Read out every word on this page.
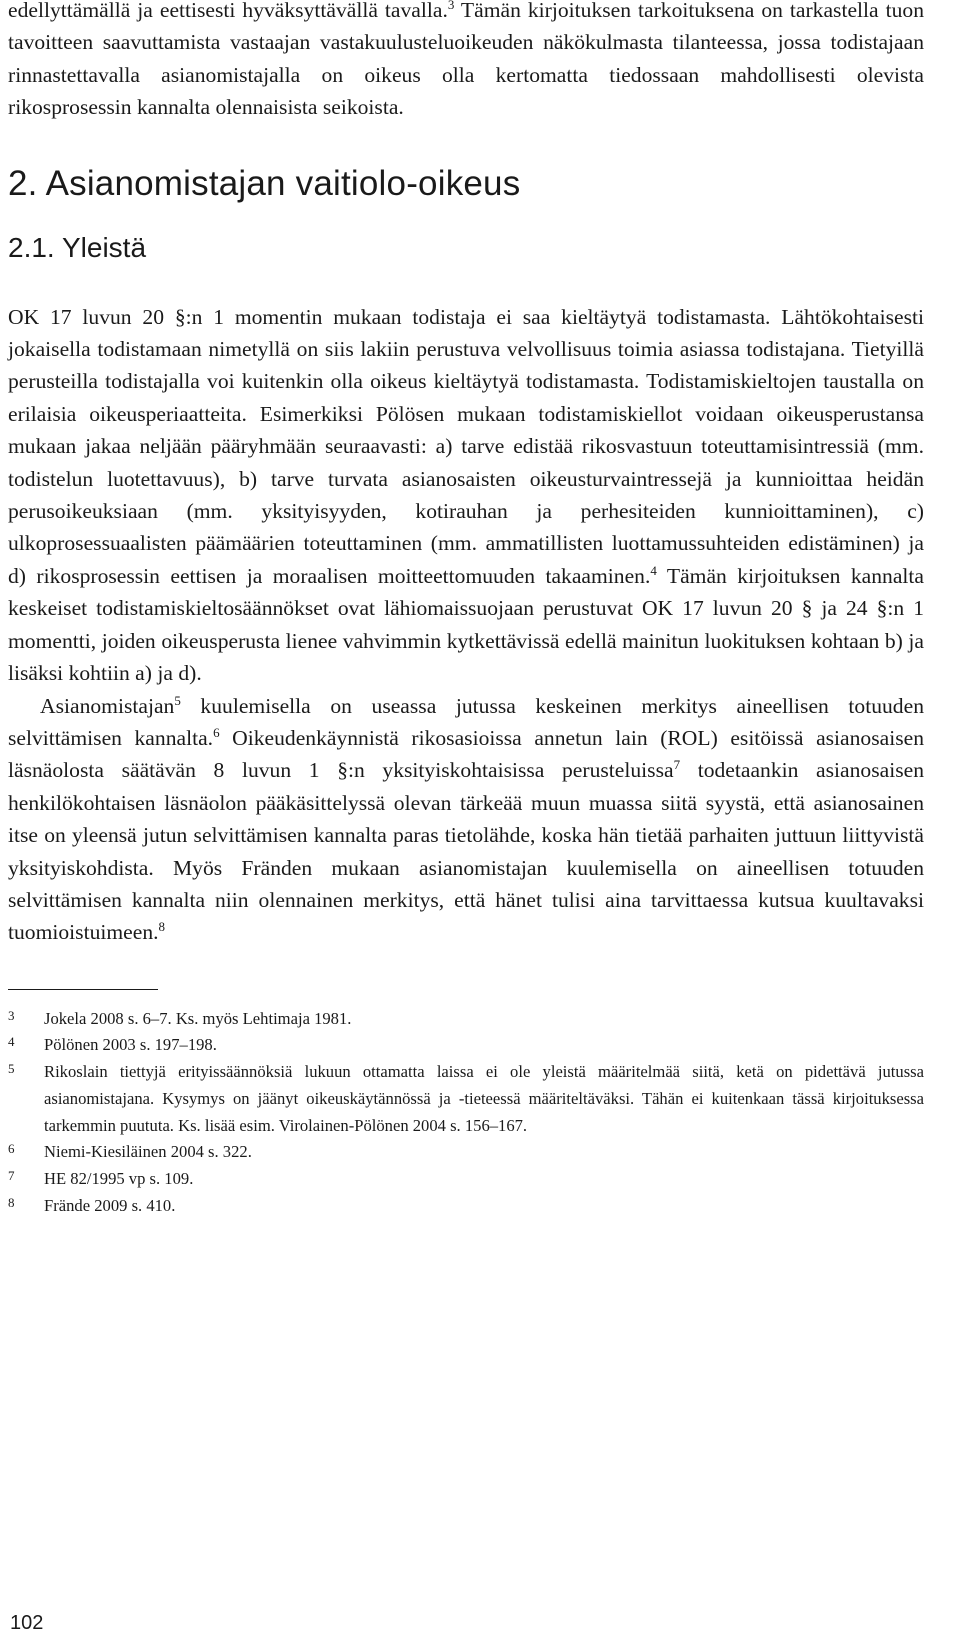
edellyttämällä ja eettisesti hyväksyttävällä tavalla.$^3$ Tämän kirjoituksen tarkoituksena on tarkastella tuon tavoitteen saavuttamista vastaajan vastakuulusteluoikeuden näkökulmasta tilanteessa, jossa todistajaan rinnastettavalla asianomistajalla on oikeus olla kertomatta tiedossaan mahdollisesti olevista rikosprosessin kannalta olennaisista seikoista.

2. Asianomistajan vaitiolo-oikeus
2.1. Yleistä

OK 17 luvun 20 §:n 1 momentin mukaan todistaja ei saa kieltäytyä todistamasta. Lähtökohtaisesti jokaisella todistamaan nimetyllä on siis lakiin perustuva velvollisuus toimia asiassa todistajana. Tietyillä perusteilla todistajalla voi kuitenkin olla oikeus kieltäytyä todistamasta. Todistamiskieltojen taustalla on erilaisia oikeusperiaatteita. Esimerkiksi Pölösen mukaan todistamiskiellot voidaan oikeusperustansa mukaan jakaa neljään pääryhmään seuraavasti: a) tarve edistää rikosvastuun toteuttamisintressiä (mm. todistelun luotettavuus), b) tarve turvata asianosaisten oikeusturvaintressejä ja kunnioittaa heidän perusoikeuksiaan (mm. yksityisyyden, kotirauhan ja perhesiteiden kunnioittaminen), c) ulkoprosessuaalisten päämäärien toteuttaminen (mm. ammatillisten luottamussuhteiden edistäminen) ja d) rikosprosessin eettisen ja moraalisen moitteettomuuden takaaminen.$^4$ Tämän kirjoituksen kannalta keskeiset todistamiskieltosäännökset ovat lähiomaissuojaan perustuvat OK 17 luvun 20 § ja 24 §:n 1 momentti, joiden oikeusperusta lienee vahvimmin kytkettävissä edellä mainitun luokituksen kohtaan b) ja lisäksi kohtiin a) ja d).

Asianomistajan$^5$ kuulemisella on useassa jutussa keskeinen merkitys aineellisen totuuden selvittämisen kannalta.$^6$ Oikeudenkäynnistä rikosasioissa annetun lain (ROL) esitöissä asianosaisen läsnäolosta säätävän 8 luvun 1 §:n yksityiskohtaisissa perusteluissa$^7$ todetaankin asianosaisen henkilökohtaisen läsnäolon pääkäsittelyssä olevan tärkeää muun muassa siitä syystä, että asianosainen itse on yleensä jutun selvittämisen kannalta paras tietolähde, koska hän tietää parhaiten juttuun liittyvistä yksityiskohdista. Myös Fränden mukaan asianomistajan kuulemisella on aineellisen totuuden selvittämisen kannalta niin olennainen merkitys, että hänet tulisi aina tarvittaessa kutsua kuultavaksi tuomioistuimeen.$^8$

3	Jokela 2008 s. 6–7. Ks. myös Lehtimaja 1981.
4	Pölönen 2003 s. 197–198.
5	Rikoslain tiettyjä erityissäännöksiä lukuun ottamatta laissa ei ole yleistä määritelmää siitä, ketä on pidettävä jutussa asianomistajana. Kysymys on jäänyt oikeuskäytännössä ja -tieteessä määriteltäväksi. Tähän ei kuitenkaan tässä kirjoituksessa tarkemmin puututa. Ks. lisää esim. Virolainen-Pölönen 2004 s. 156–167.
6	Niemi-Kiesiläinen 2004 s. 322.
7	HE 82/1995 vp s. 109.
8	Frände 2009 s. 410.
102
